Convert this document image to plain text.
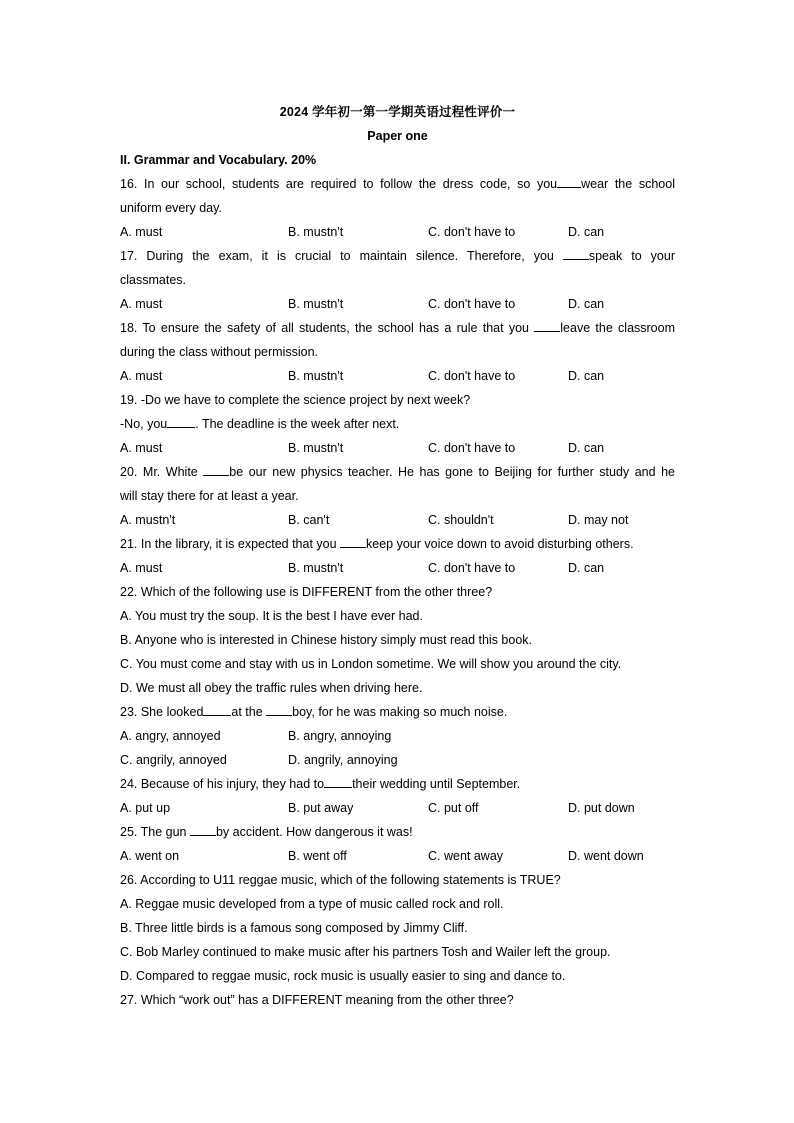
2024 学年初一第一学期英语过程性评价一
Paper one
II. Grammar and Vocabulary. 20%
16. In our school, students are required to follow the dress code, so you wear the school
uniform every day.
A. must	B. mustn't	C. don't have to	D. can
17. During the exam, it is crucial to maintain silence. Therefore, you speak to your
classmates.
A. must	B. mustn't	C. don't have to	D. can
18. To ensure the safety of all students, the school has a rule that you leave the classroom
during the class without permission.
A. must	B. mustn't	C. don't have to	D. can
19. -Do we have to complete the science project by next week?
-No, you . The deadline is the week after next.
A. must	B. mustn't	C. don't have to	D. can
20. Mr. White be our new physics teacher. He has gone to Beijing for further study and he
will stay there for at least a year.
A. mustn't	B. can't	C. shouldn't	D. may not
21. In the library, it is expected that you keep your voice down to avoid disturbing others.
A. must	B. mustn't	C. don't have to	D. can
22. Which of the following use is DIFFERENT from the other three?
A. You must try the soup. It is the best I have ever had.
B. Anyone who is interested in Chinese history simply must read this book.
C. You must come and stay with us in London sometime. We will show you around the city.
D. We must all obey the traffic rules when driving here.
23. She looked at the boy, for he was making so much noise.
A. angry, annoyed	B. angry, annoying
C. angrily, annoyed	D. angrily, annoying
24. Because of his injury, they had to their wedding until September.
A. put up	B. put away	C. put off	D. put down
25. The gun by accident. How dangerous it was!
A. went on	B. went off	C. went away	D. went down
26. According to U11 reggae music, which of the following statements is TRUE?
A. Reggae music developed from a type of music called rock and roll.
B. Three little birds is a famous song composed by Jimmy Cliff.
C. Bob Marley continued to make music after his partners Tosh and Wailer left the group.
D. Compared to reggae music, rock music is usually easier to sing and dance to.
27. Which “work out” has a DIFFERENT meaning from the other three?
